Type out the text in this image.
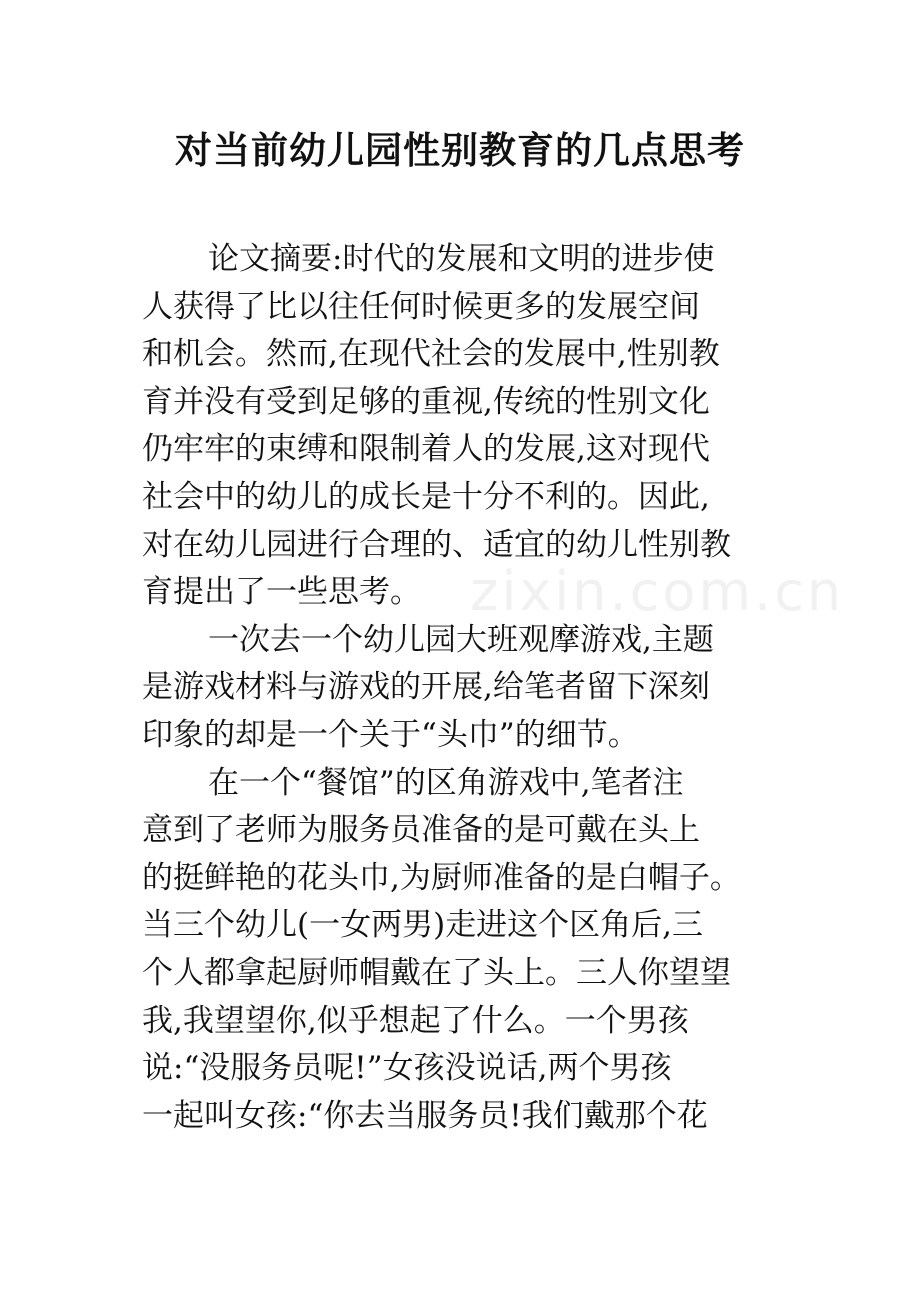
zixin.com.cn
对当前幼儿园性别教育的几点思考
论文摘要:时代的发展和文明的进步使
人获得了比以往任何时候更多的发展空间
和机会。然而,在现代社会的发展中,性别教
育并没有受到足够的重视,传统的性别文化
仍牢牢的束缚和限制着人的发展,这对现代
社会中的幼儿的成长是十分不利的。因此,
对在幼儿园进行合理的、适宜的幼儿性别教
育提出了一些思考。
一次去一个幼儿园大班观摩游戏,主题
是游戏材料与游戏的开展,给笔者留下深刻
印象的却是一个关于“头巾”的细节。
在一个“餐馆”的区角游戏中,笔者注
意到了老师为服务员准备的是可戴在头上
的挺鲜艳的花头巾,为厨师准备的是白帽子。
当三个幼儿(一女两男)走进这个区角后,三
个人都拿起厨师帽戴在了头上。三人你望望
我,我望望你,似乎想起了什么。一个男孩
说:“没服务员呢!”女孩没说话,两个男孩
一起叫女孩:“你去当服务员!我们戴那个花
